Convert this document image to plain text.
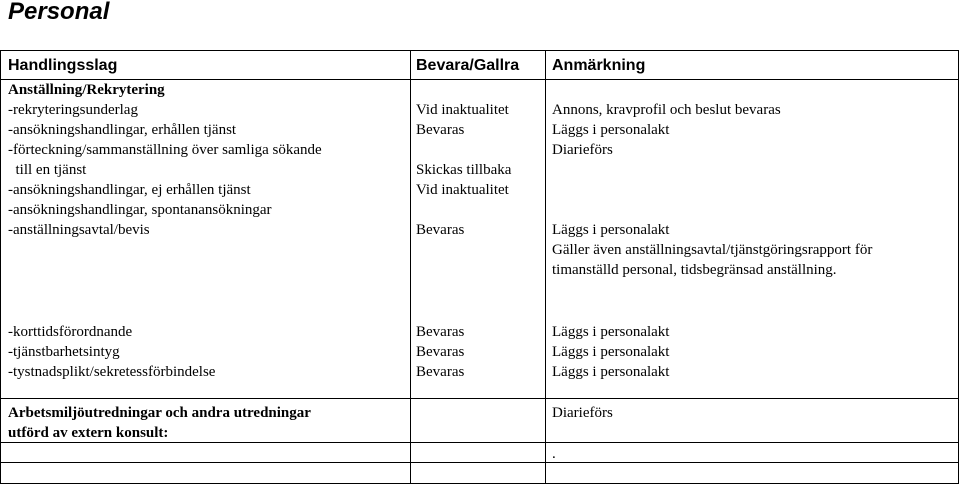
Personal
Handlingsslag	Bevara/Gallra Anmärkning
Anställning/Rekrytering
-rekryteringsunderlag
-ansökningshandlingar, erhållen tjänst
-förteckning/sammanställning över samliga sökande
till en tjänst
-ansökningshandlingar, ej erhållen tjänst
-ansökningshandlingar, spontanansökningar
-anställningsavtal/bevis
Vid inaktualitet
Bevaras
Skickas tillbaka
Vid inaktualitet
Bevaras
Annons, kravprofil och beslut bevaras
Läggs i personalakt
Diarieförs
Läggs i personalakt
Gäller även anställningsavtal/tjänstgöringsrapport för
timanställd personal, tidsbegränsad anställning.
-korttidsförordnande
-tjänstbarhetsintyg
-tystnadsplikt/sekretessförbindelse
Bevaras
Bevaras
Bevaras
Läggs i personalakt
Läggs i personalakt
Läggs i personalakt
Arbetsmiljöutredningar och andra utredningar
utförd av extern konsult:
Diarieförs
.
